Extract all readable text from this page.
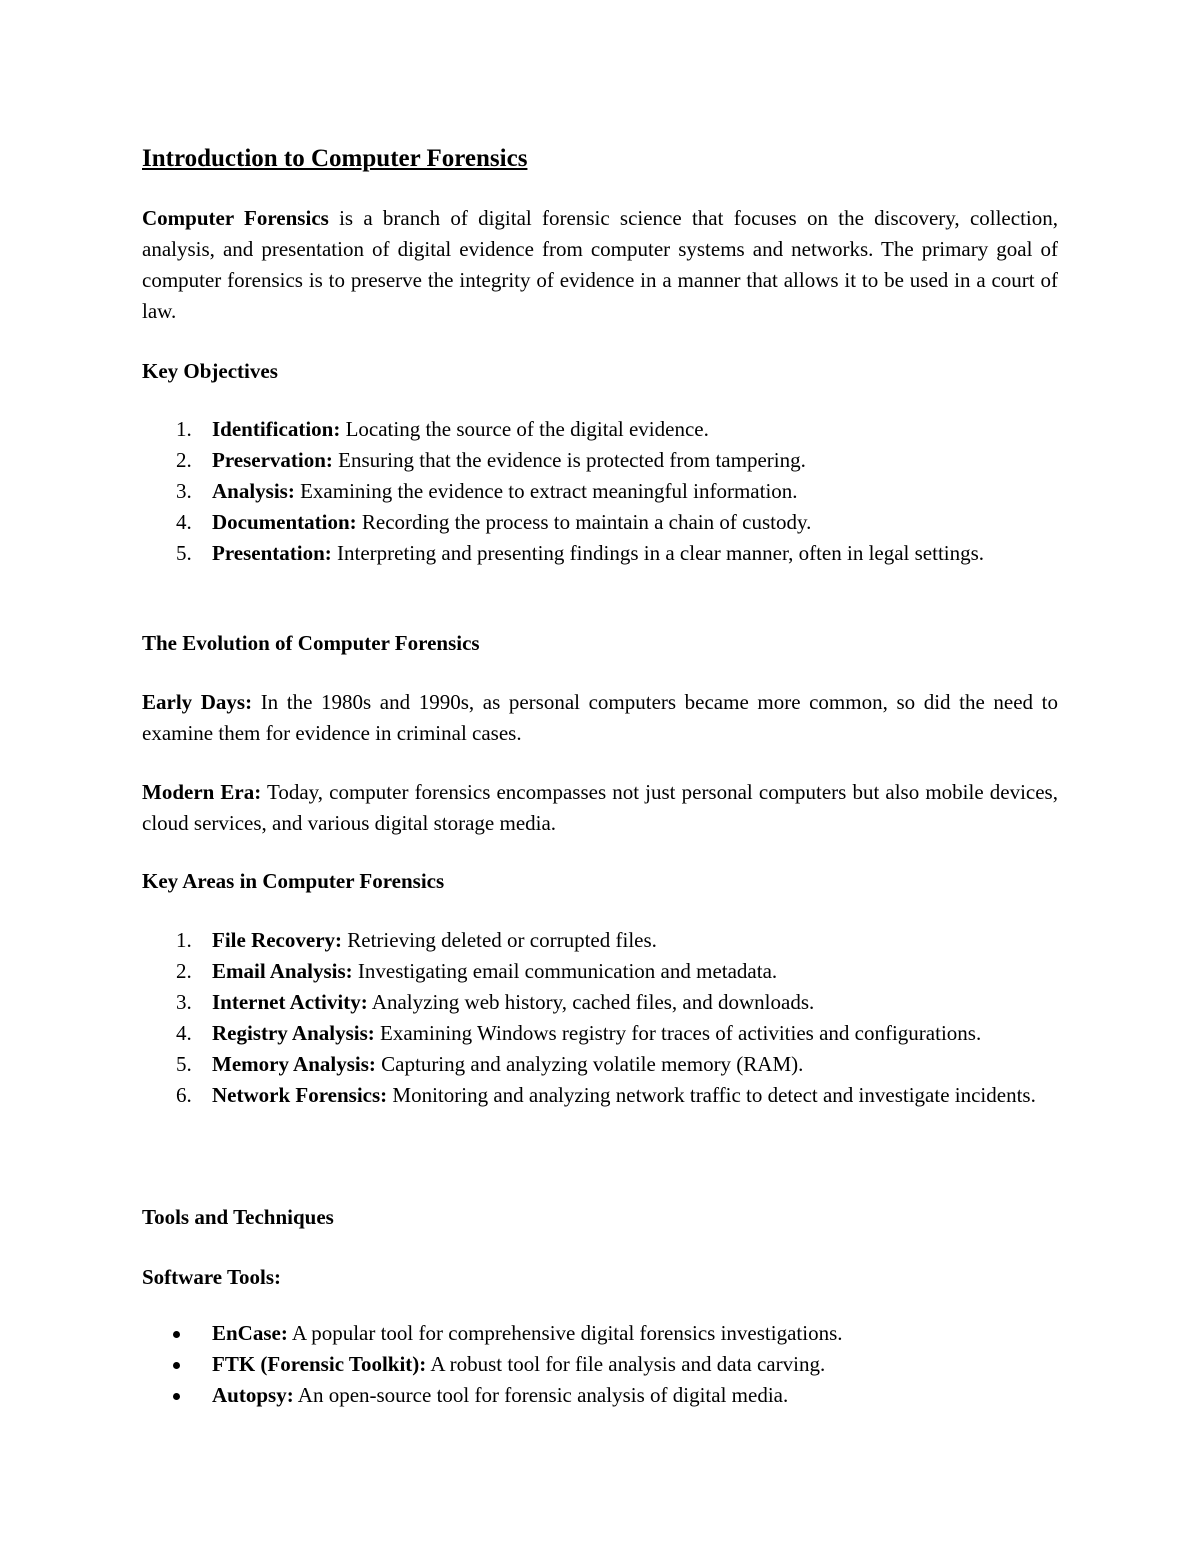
Introduction to Computer Forensics

Computer Forensics is a branch of digital forensic science that focuses on the discovery, collection, analysis, and presentation of digital evidence from computer systems and networks. The primary goal of computer forensics is to preserve the integrity of evidence in a manner that allows it to be used in a court of law.

Key Objectives
1. Identification: Locating the source of the digital evidence.
2. Preservation: Ensuring that the evidence is protected from tampering.
3. Analysis: Examining the evidence to extract meaningful information.
4. Documentation: Recording the process to maintain a chain of custody.
5. Presentation: Interpreting and presenting findings in a clear manner, often in legal settings.
The Evolution of Computer Forensics

Early Days: In the 1980s and 1990s, as personal computers became more common, so did the need to examine them for evidence in criminal cases.

Modern Era: Today, computer forensics encompasses not just personal computers but also mobile devices, cloud services, and various digital storage media.

Key Areas in Computer Forensics
1. File Recovery: Retrieving deleted or corrupted files.
2. Email Analysis: Investigating email communication and metadata.
3. Internet Activity: Analyzing web history, cached files, and downloads.
4. Registry Analysis: Examining Windows registry for traces of activities and configurations.
5. Memory Analysis: Capturing and analyzing volatile memory (RAM).
6. Network Forensics: Monitoring and analyzing network traffic to detect and investigate incidents.
Tools and Techniques
Software Tools:
EnCase: A popular tool for comprehensive digital forensics investigations.
FTK (Forensic Toolkit): A robust tool for file analysis and data carving.
Autopsy: An open-source tool for forensic analysis of digital media.
